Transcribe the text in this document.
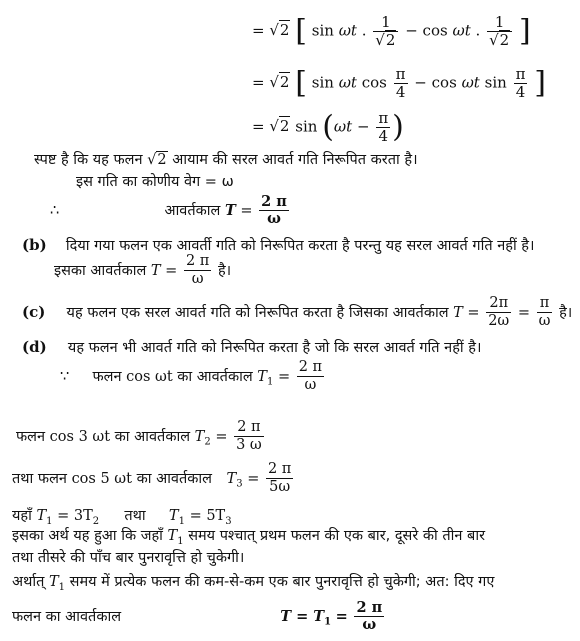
= √2 [ sin ωt . $\frac{1}{√2} - \cos \omega t$ . $\frac{1}{√2}$ ]
= √2 [ sin ωt $\cos \frac{\pi}{4} - \cos \omega t$ $\sin \frac{\pi}{4}$ ]
= √2 $\sin (\omega t - \frac{\pi}{4}$ )
स्पष्ट है कि यह फलन √2 आयाम की सरल आवर्त गति निरूपित करता है।
इस गति का कोणीय वेग = ω
∴	आवर्तकाल $T = \frac{2 \pi}{\omega}$
(b) दिया गया फलन एक आवर्ती गति को निरूपित करता है परन्तु यह सरल आवर्त गति नहीं है।
इसका आवर्तकाल $T = \frac{2 \pi}{\omega}$ है।
(c) यह फलन एक सरल आवर्त गति को निरूपित करता है जिसका आवर्तकाल $T = \frac{2\pi}{2\omega} = \frac{\pi}{\omega}$ है।
(d) यह फलन भी आवर्त गति को निरूपित करता है जो कि सरल आवर्त गति नहीं है।
∵ फलन cos ωt का आवर्तकाल $T_1 = \frac{2 \pi}{\omega}$
फलन cos 3 ωt का आवर्तकाल $T_2 = \frac{2 \pi}{3 \omega}$
तथा फलन cos 5 ωt का आवर्तकाल $T_3 = \frac{2 \pi}{5\omega}$
यहाँ $T_1 = 3T_2$ तथा $T_1 = 5T_3$
इसका अर्थ यह हुआ कि जहाँ $T_1$ समय पश्चात् प्रथम फलन की एक बार, दूसरे की तीन बार
तथा तीसरे की पाँच बार पुनरावृत्ति हो चुकेगी।
अर्थात् $T_1$ समय में प्रत्येक फलन की कम-से-कम एक बार पुनरावृत्ति हो चुकेगी; अत: दिए गए
फलन का आवर्तकाल	$T = T_1 = \frac{2 \pi}{\omega}$
